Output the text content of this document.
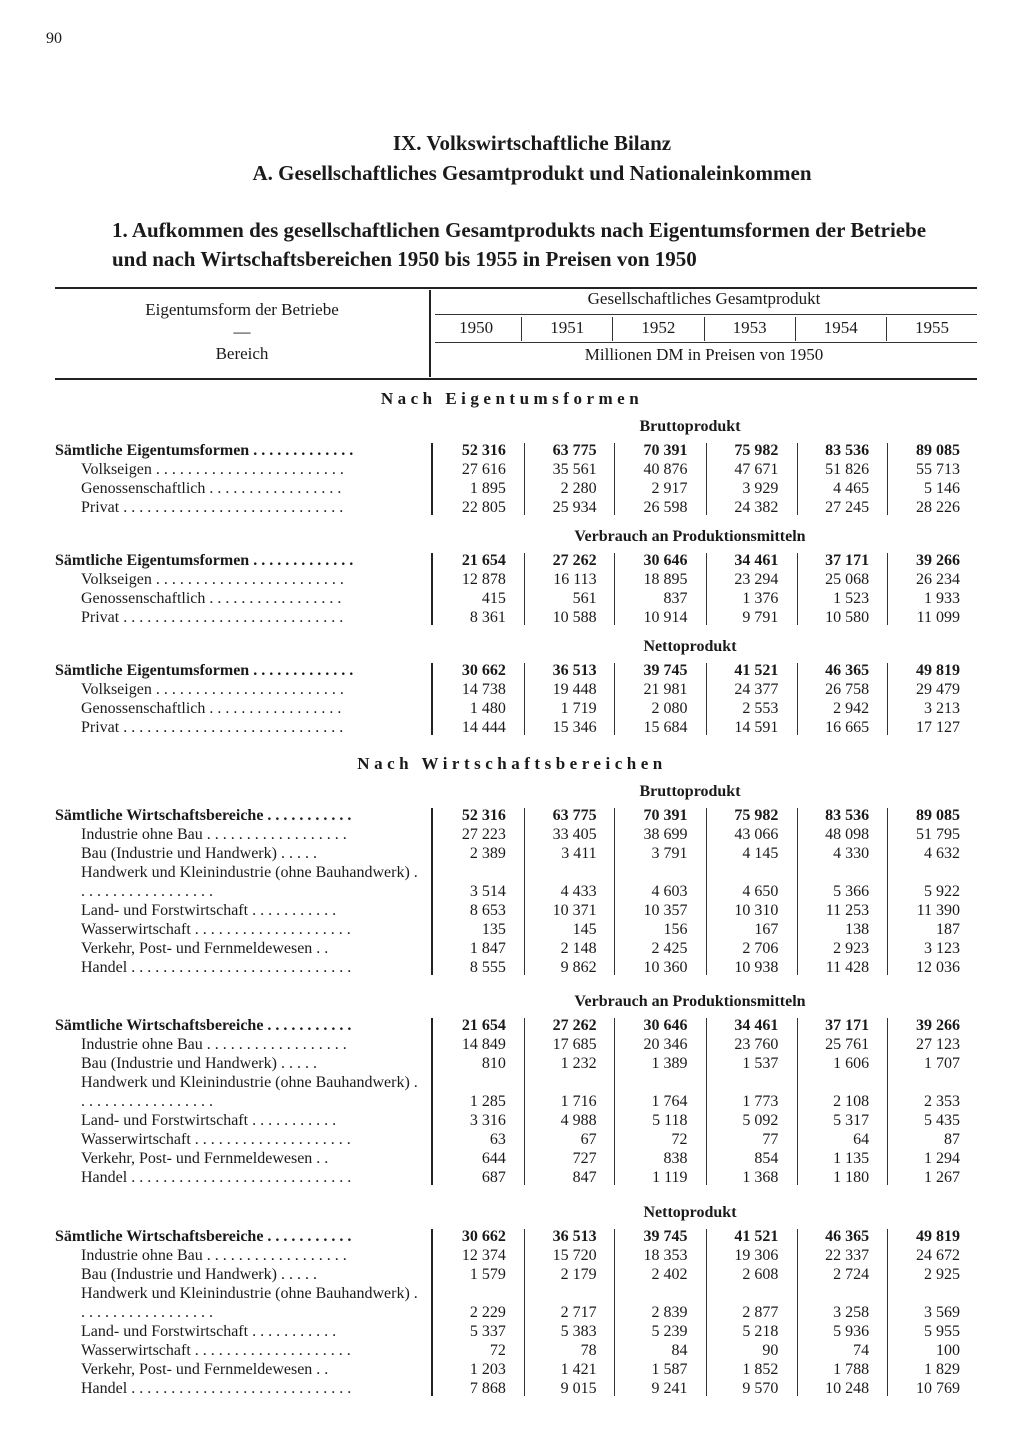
90
IX. Volkswirtschaftliche Bilanz
A. Gesellschaftliches Gesamtprodukt und Nationaleinkommen
1. Aufkommen des gesellschaftlichen Gesamtprodukts nach Eigentumsformen der Betriebe und nach Wirtschaftsbereichen 1950 bis 1955 in Preisen von 1950
Eigentumsform der Betriebe
—
Bereich
Gesellschaftliches Gesamtprodukt
1950	1951	1952	1953	1954	1955
Millionen DM in Preisen von 1950
Nach Eigentumsformen
Bruttoprodukt
Sämtliche Eigentumsformen . . . . . . . . . . . . .	52 316	63 775	70 391	75 982	83 536	89 085
Volkseigen . . . . . . . . . . . . . . . . . . . . . . . .	27 616	35 561	40 876	47 671	51 826	55 713
Genossenschaftlich . . . . . . . . . . . . . . . . .	1 895	2 280	2 917	3 929	4 465	5 146
Privat . . . . . . . . . . . . . . . . . . . . . . . . . . . .	22 805	25 934	26 598	24 382	27 245	28 226
Verbrauch an Produktionsmitteln
Sämtliche Eigentumsformen . . . . . . . . . . . . .	21 654	27 262	30 646	34 461	37 171	39 266
Volkseigen . . . . . . . . . . . . . . . . . . . . . . . .	12 878	16 113	18 895	23 294	25 068	26 234
Genossenschaftlich . . . . . . . . . . . . . . . . .	415	561	837	1 376	1 523	1 933
Privat . . . . . . . . . . . . . . . . . . . . . . . . . . . .	8 361	10 588	10 914	9 791	10 580	11 099
Nettoprodukt
Sämtliche Eigentumsformen . . . . . . . . . . . . .	30 662	36 513	39 745	41 521	46 365	49 819
Volkseigen . . . . . . . . . . . . . . . . . . . . . . . .	14 738	19 448	21 981	24 377	26 758	29 479
Genossenschaftlich . . . . . . . . . . . . . . . . .	1 480	1 719	2 080	2 553	2 942	3 213
Privat . . . . . . . . . . . . . . . . . . . . . . . . . . . .	14 444	15 346	15 684	14 591	16 665	17 127
Nach Wirtschaftsbereichen
Bruttoprodukt
Sämtliche Wirtschaftsbereiche . . . . . . . . . . .	52 316	63 775	70 391	75 982	83 536	89 085
Industrie ohne Bau . . . . . . . . . . . . . . . . . .	27 223	33 405	38 699	43 066	48 098	51 795
Bau (Industrie und Handwerk) . . . . .	2 389	3 411	3 791	4 145	4 330	4 632
Handwerk und Kleinindustrie (ohne Bauhandwerk) . . . . . . . . . . . . . . . . . .	3 514	4 433	4 603	4 650	5 366	5 922
Land- und Forstwirtschaft . . . . . . . . . . .	8 653	10 371	10 357	10 310	11 253	11 390
Wasserwirtschaft . . . . . . . . . . . . . . . . . . . .	135	145	156	167	138	187
Verkehr, Post- und Fernmeldewesen . .	1 847	2 148	2 425	2 706	2 923	3 123
Handel . . . . . . . . . . . . . . . . . . . . . . . . . . . .	8 555	9 862	10 360	10 938	11 428	12 036
Verbrauch an Produktionsmitteln
Sämtliche Wirtschaftsbereiche . . . . . . . . . . .	21 654	27 262	30 646	34 461	37 171	39 266
Industrie ohne Bau . . . . . . . . . . . . . . . . . .	14 849	17 685	20 346	23 760	25 761	27 123
Bau (Industrie und Handwerk) . . . . .	810	1 232	1 389	1 537	1 606	1 707
Handwerk und Kleinindustrie (ohne Bauhandwerk) . . . . . . . . . . . . . . . . . .	1 285	1 716	1 764	1 773	2 108	2 353
Land- und Forstwirtschaft . . . . . . . . . . .	3 316	4 988	5 118	5 092	5 317	5 435
Wasserwirtschaft . . . . . . . . . . . . . . . . . . . .	63	67	72	77	64	87
Verkehr, Post- und Fernmeldewesen . .	644	727	838	854	1 135	1 294
Handel . . . . . . . . . . . . . . . . . . . . . . . . . . . .	687	847	1 119	1 368	1 180	1 267
Nettoprodukt
Sämtliche Wirtschaftsbereiche . . . . . . . . . . .	30 662	36 513	39 745	41 521	46 365	49 819
Industrie ohne Bau . . . . . . . . . . . . . . . . . .	12 374	15 720	18 353	19 306	22 337	24 672
Bau (Industrie und Handwerk) . . . . .	1 579	2 179	2 402	2 608	2 724	2 925
Handwerk und Kleinindustrie (ohne Bauhandwerk) . . . . . . . . . . . . . . . . . .	2 229	2 717	2 839	2 877	3 258	3 569
Land- und Forstwirtschaft . . . . . . . . . . .	5 337	5 383	5 239	5 218	5 936	5 955
Wasserwirtschaft . . . . . . . . . . . . . . . . . . . .	72	78	84	90	74	100
Verkehr, Post- und Fernmeldewesen . .	1 203	1 421	1 587	1 852	1 788	1 829
Handel . . . . . . . . . . . . . . . . . . . . . . . . . . . .	7 868	9 015	9 241	9 570	10 248	10 769
